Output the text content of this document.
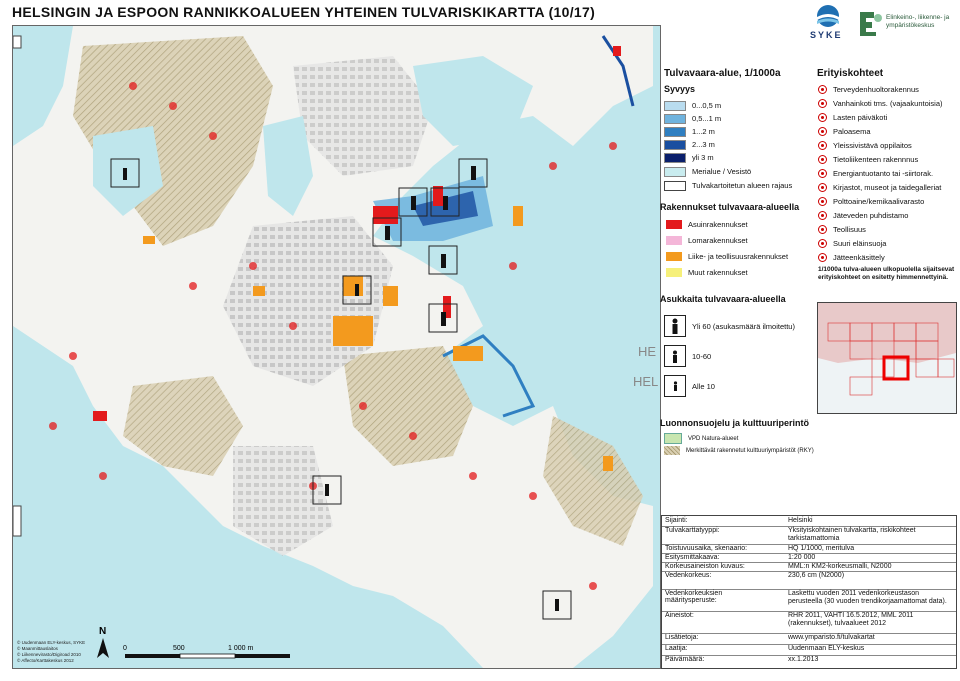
HELSINGIN JA ESPOON RANNIKKOALUEEN YHTEINEN TULVARISKIKARTTA (10/17)
SYKE
Elinkeino-, liikenne- ja ympäristökeskus
HE
HEL
N
0	500	1 000 m
© Uudenmaan ELY-keskus, SYKE
© Maanmittauslaitos
© Liikennevirasto/Digiroad 2010
© Affecto/Karttakeskus 2012
Tulvavaara-alue, 1/1000a
Syvyys
0...0,5 m
0,5...1 m
1...2 m
2...3 m
yli 3 m
Merialue / Vesistö
Tulvakartoitetun alueen rajaus
Rakennukset tulvavaara-alueella
Asuinrakennukset
Lomarakennukset
Liike- ja teollisuusrakennukset
Muut rakennukset
Asukkaita tulvavaara-alueella
Yli 60 (asukasmäärä ilmoitettu)
10-60
Alle 10
Luonnonsuojelu ja kulttuuriperintö
VPD Natura-alueet
Merkittävät rakennetut kulttuuriympäristöt (RKY)
Erityiskohteet
Terveydenhuoltorakennus
Vanhainkoti tms. (vajaakuntoisia)
Lasten päiväkoti
Paloasema
Yleissivistävä oppilaitos
Tietoliikenteen rakennnus
Energiantuotanto tai -siirtorak.
Kirjastot, museot ja taidegalleriat
Polttoaine/kemikaalivarasto
Jäteveden puhdistamo
Teollisuus
Suuri eläinsuoja
Jätteenkäsittely
1/1000a tulva-alueen ulkopuolella sijaitsevat erityiskohteet on esitetty himmennettyinä.
Sijainti:	Helsinki
Tulvakarttatyyppi:	Yksityiskohtainen tulvakartta, riskikohteet tarkistamattomia
Toistuvuusaika, skenaario:	HQ 1/1000, meritulva
Esitysmittakaava:	1:20 000
Korkeusaineiston kuvaus:	MML:n KM2-korkeusmalli, N2000
Vedenkorkeus:	230,6 cm (N2000)
Vedenkorkeuksien määritysperuste:
Laskettu vuoden 2011 vedenkorkeustason perusteella (30 vuoden trendikorjaamattomat data).
Aineistot:	RHR 2011, VAHTI 16.5.2012, MML 2011 (rakennukset), tulvaalueet 2012
Lisätietoja:	www.ymparisto.fi/tulvakartat
Laatija:	Uudenmaan ELY-keskus
Päivämäärä:	xx.1.2013
